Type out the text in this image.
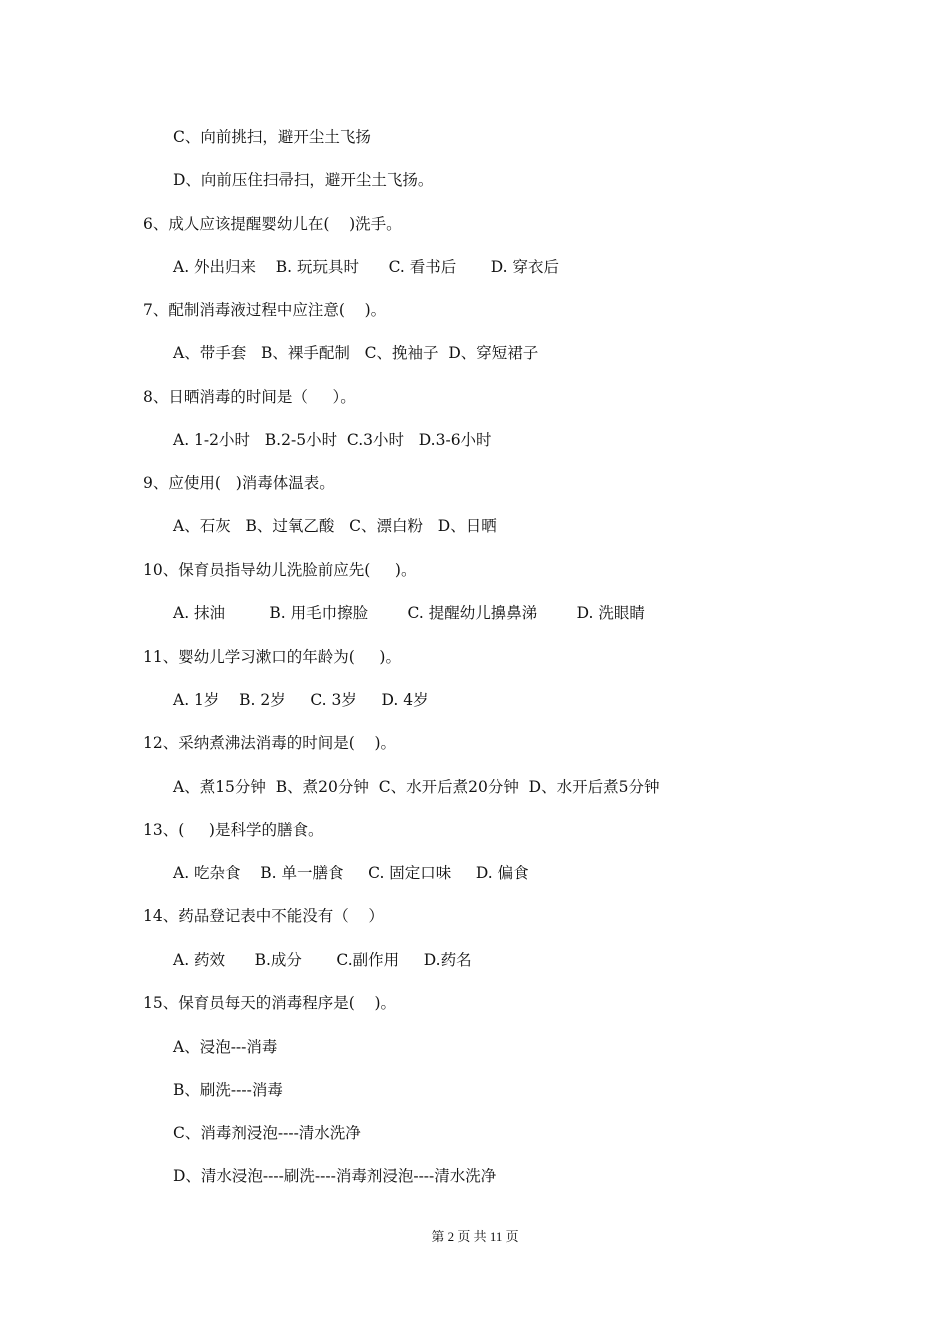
C、向前挑扫，避开尘土飞扬
D、向前压住扫帚扫，避开尘土飞扬。
6、成人应该提醒婴幼儿在(    )洗手。
A. 外出归来    B. 玩玩具时      C. 看书后       D. 穿衣后
7、配制消毒液过程中应注意(    )。
A、带手套   B、裸手配制   C、挽袖子  D、穿短裙子
8、日晒消毒的时间是（     ）。
A. 1-2小时   B.2-5小时  C.3小时   D.3-6小时
9、应使用(   )消毒体温表。
A、石灰   B、过氧乙酸   C、漂白粉   D、日晒
10、保育员指导幼儿洗脸前应先(     )。
A. 抹油         B. 用毛巾擦脸        C. 提醒幼儿擤鼻涕        D. 洗眼睛
11、婴幼儿学习漱口的年龄为(     )。
A. 1岁    B. 2岁     C. 3岁     D. 4岁
12、采纳煮沸法消毒的时间是(    )。
A、煮15分钟  B、煮20分钟  C、水开后煮20分钟  D、水开后煮5分钟
13、(     )是科学的膳食。
A. 吃杂食    B. 单一膳食     C. 固定口味     D. 偏食
14、药品登记表中不能没有（    ）
A. 药效      B.成分       C.副作用     D.药名
15、保育员每天的消毒程序是(    )。
A、浸泡---消毒
B、刷洗----消毒
C、消毒剂浸泡----清水洗净
D、清水浸泡----刷洗----消毒剂浸泡----清水洗净
第 2 页 共 11 页
